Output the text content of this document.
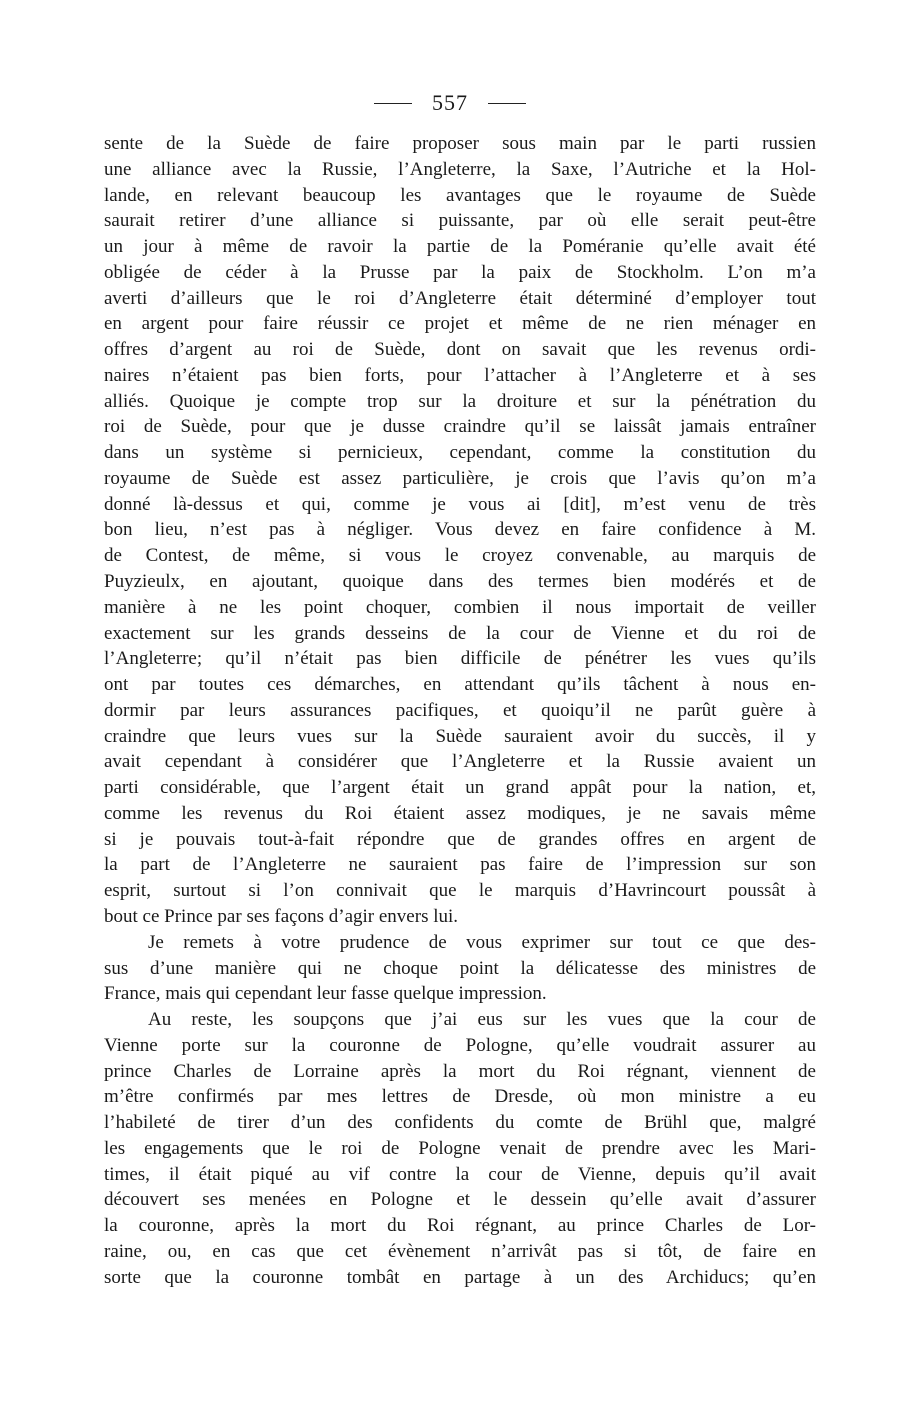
557
sente de la Suède de faire proposer sous main par le parti russien
une alliance avec la Russie, l’Angleterre, la Saxe, l’Autriche et la Hol-
lande, en relevant beaucoup les avantages que le royaume de Suède
saurait retirer d’une alliance si puissante, par où elle serait peut-être
un jour à même de ravoir la partie de la Poméranie qu’elle avait été
obligée de céder à la Prusse par la paix de Stockholm. L’on m’a
averti d’ailleurs que le roi d’Angleterre était déterminé d’employer tout
en argent pour faire réussir ce projet et même de ne rien ménager en
offres d’argent au roi de Suède, dont on savait que les revenus ordi-
naires n’étaient pas bien forts, pour l’attacher à l’Angleterre et à ses
alliés. Quoique je compte trop sur la droiture et sur la pénétration du
roi de Suède, pour que je dusse craindre qu’il se laissât jamais entraîner
dans un système si pernicieux, cependant, comme la constitution du
royaume de Suède est assez particulière, je crois que l’avis qu’on m’a
donné là-dessus et qui, comme je vous ai [dit], m’est venu de très
bon lieu, n’est pas à négliger. Vous devez en faire confidence à M.
de Contest, de même, si vous le croyez convenable, au marquis de
Puyzieulx, en ajoutant, quoique dans des termes bien modérés et de
manière à ne les point choquer, combien il nous importait de veiller
exactement sur les grands desseins de la cour de Vienne et du roi de
l’Angleterre; qu’il n’était pas bien difficile de pénétrer les vues qu’ils
ont par toutes ces démarches, en attendant qu’ils tâchent à nous en-
dormir par leurs assurances pacifiques, et quoiqu’il ne parût guère à
craindre que leurs vues sur la Suède sauraient avoir du succès, il y
avait cependant à considérer que l’Angleterre et la Russie avaient un
parti considérable, que l’argent était un grand appât pour la nation, et,
comme les revenus du Roi étaient assez modiques, je ne savais même
si je pouvais tout-à-fait répondre que de grandes offres en argent de
la part de l’Angleterre ne sauraient pas faire de l’impression sur son
esprit, surtout si l’on connivait que le marquis d’Havrincourt poussât à
bout ce Prince par ses façons d’agir envers lui.
Je remets à votre prudence de vous exprimer sur tout ce que des-
sus d’une manière qui ne choque point la délicatesse des ministres de
France, mais qui cependant leur fasse quelque impression.
Au reste, les soupçons que j’ai eus sur les vues que la cour de
Vienne porte sur la couronne de Pologne, qu’elle voudrait assurer au
prince Charles de Lorraine après la mort du Roi régnant, viennent de
m’être confirmés par mes lettres de Dresde, où mon ministre a eu
l’habileté de tirer d’un des confidents du comte de Brühl que, malgré
les engagements que le roi de Pologne venait de prendre avec les Mari-
times, il était piqué au vif contre la cour de Vienne, depuis qu’il avait
découvert ses menées en Pologne et le dessein qu’elle avait d’assurer
la couronne, après la mort du Roi régnant, au prince Charles de Lor-
raine, ou, en cas que cet évènement n’arrivât pas si tôt, de faire en
sorte que la couronne tombât en partage à un des Archiducs; qu’en
